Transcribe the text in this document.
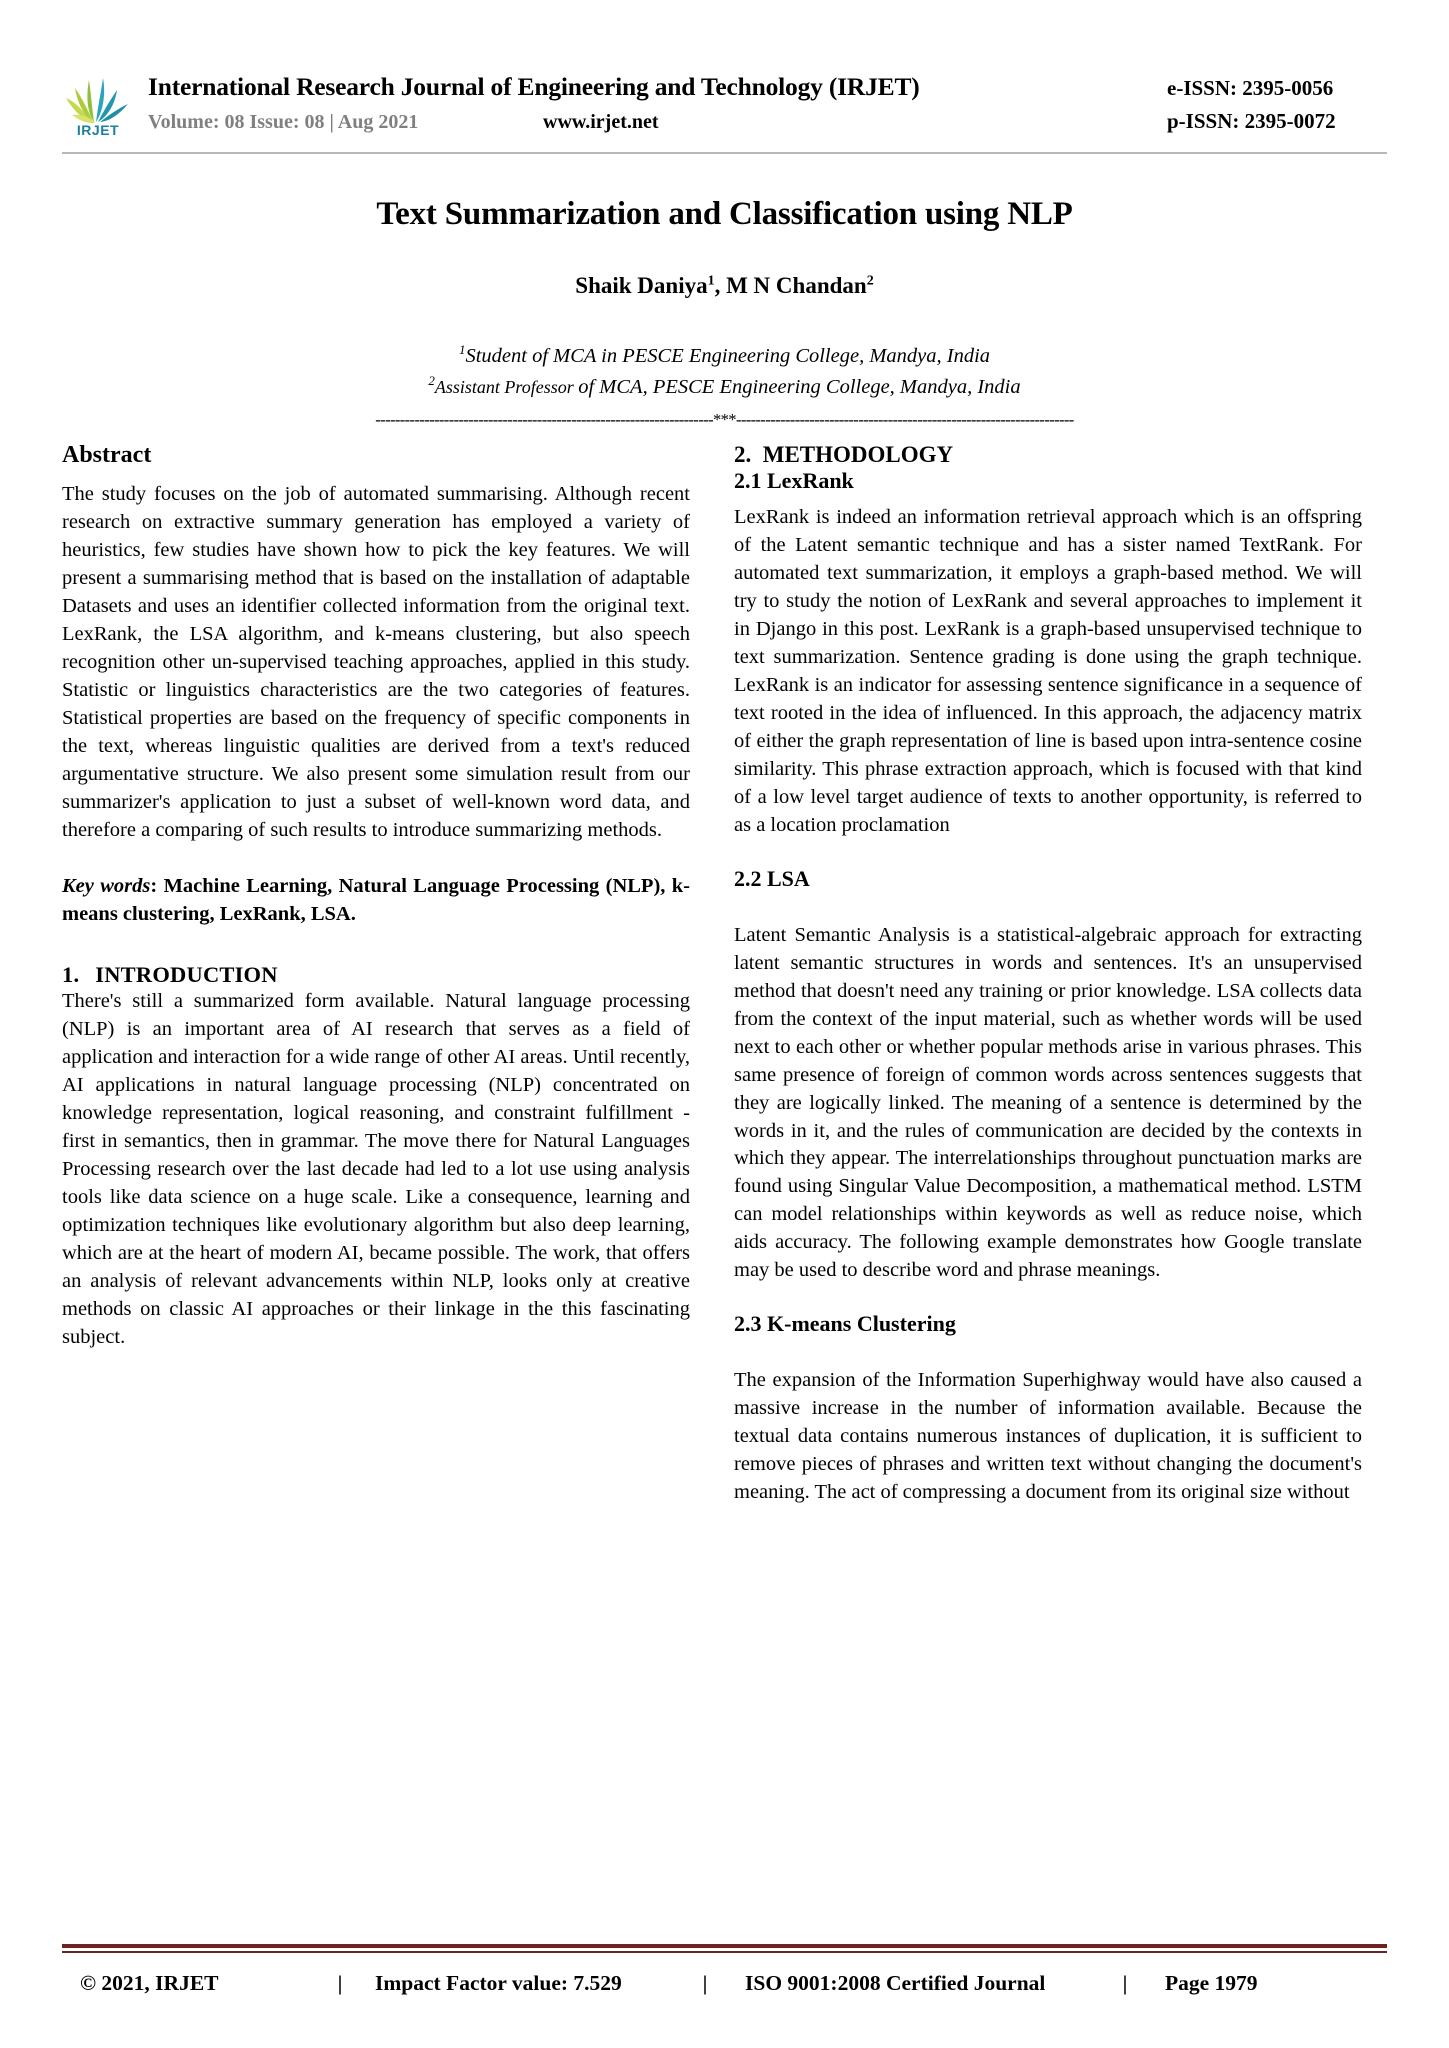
IRJET
International Research Journal of Engineering and Technology (IRJET)	e-ISSN: 2395-0056
Volume: 08 Issue: 08 | Aug 2021	www.irjet.net	p-ISSN: 2395-0072
Text Summarization and Classification using NLP
Shaik Daniya$^1$, M N Chandan$^2$
$^1$Student of MCA in PESCE Engineering College, Mandya, India
$^2$Assistant Professor of MCA, PESCE Engineering College, Mandya, India
---------------------------------------------------------------------***---------------------------------------------------------------------
Abstract

The study focuses on the job of automated summarising. Although recent research on extractive summary generation has employed a variety of heuristics, few studies have shown how to pick the key features. We will present a summarising method that is based on the installation of adaptable Datasets and uses an identifier collected information from the original text. LexRank, the LSA algorithm, and k-means clustering, but also speech recognition other un-supervised teaching approaches, applied in this study. Statistic or linguistics characteristics are the two categories of features. Statistical properties are based on the frequency of specific components in the text, whereas linguistic qualities are derived from a text's reduced argumentative structure. We also present some simulation result from our summarizer's application to just a subset of well-known word data, and therefore a comparing of such results to introduce summarizing methods.

Key words: Machine Learning, Natural Language Processing (NLP), k-means clustering, LexRank, LSA.

1. INTRODUCTION

There's still a summarized form available. Natural language processing (NLP) is an important area of AI research that serves as a field of application and interaction for a wide range of other AI areas. Until recently, AI applications in natural language processing (NLP) concentrated on knowledge representation, logical reasoning, and constraint fulfillment - first in semantics, then in grammar. The move there for Natural Languages Processing research over the last decade had led to a lot use using analysis tools like data science on a huge scale. Like a consequence, learning and optimization techniques like evolutionary algorithm but also deep learning, which are at the heart of modern AI, became possible. The work, that offers an analysis of relevant advancements within NLP, looks only at creative methods on classic AI approaches or their linkage in the this fascinating subject.

2. METHODOLOGY
2.1 LexRank

LexRank is indeed an information retrieval approach which is an offspring of the Latent semantic technique and has a sister named TextRank. For automated text summarization, it employs a graph-based method. We will try to study the notion of LexRank and several approaches to implement it in Django in this post. LexRank is a graph-based unsupervised technique to text summarization. Sentence grading is done using the graph technique. LexRank is an indicator for assessing sentence significance in a sequence of text rooted in the idea of influenced. In this approach, the adjacency matrix of either the graph representation of line is based upon intra-sentence cosine similarity. This phrase extraction approach, which is focused with that kind of a low level target audience of texts to another opportunity, is referred to as a location proclamation

2.2 LSA

Latent Semantic Analysis is a statistical-algebraic approach for extracting latent semantic structures in words and sentences. It's an unsupervised method that doesn't need any training or prior knowledge. LSA collects data from the context of the input material, such as whether words will be used next to each other or whether popular methods arise in various phrases. This same presence of foreign of common words across sentences suggests that they are logically linked. The meaning of a sentence is determined by the words in it, and the rules of communication are decided by the contexts in which they appear. The interrelationships throughout punctuation marks are found using Singular Value Decomposition, a mathematical method. LSTM can model relationships within keywords as well as reduce noise, which aids accuracy. The following example demonstrates how Google translate may be used to describe word and phrase meanings.

2.3 K-means Clustering

The expansion of the Information Superhighway would have also caused a massive increase in the number of information available. Because the textual data contains numerous instances of duplication, it is sufficient to remove pieces of phrases and written text without changing the document's meaning. The act of compressing a document from its original size without

© 2021, IRJET	|	Impact Factor value: 7.529	|	ISO 9001:2008 Certified Journal	|	Page 1979
